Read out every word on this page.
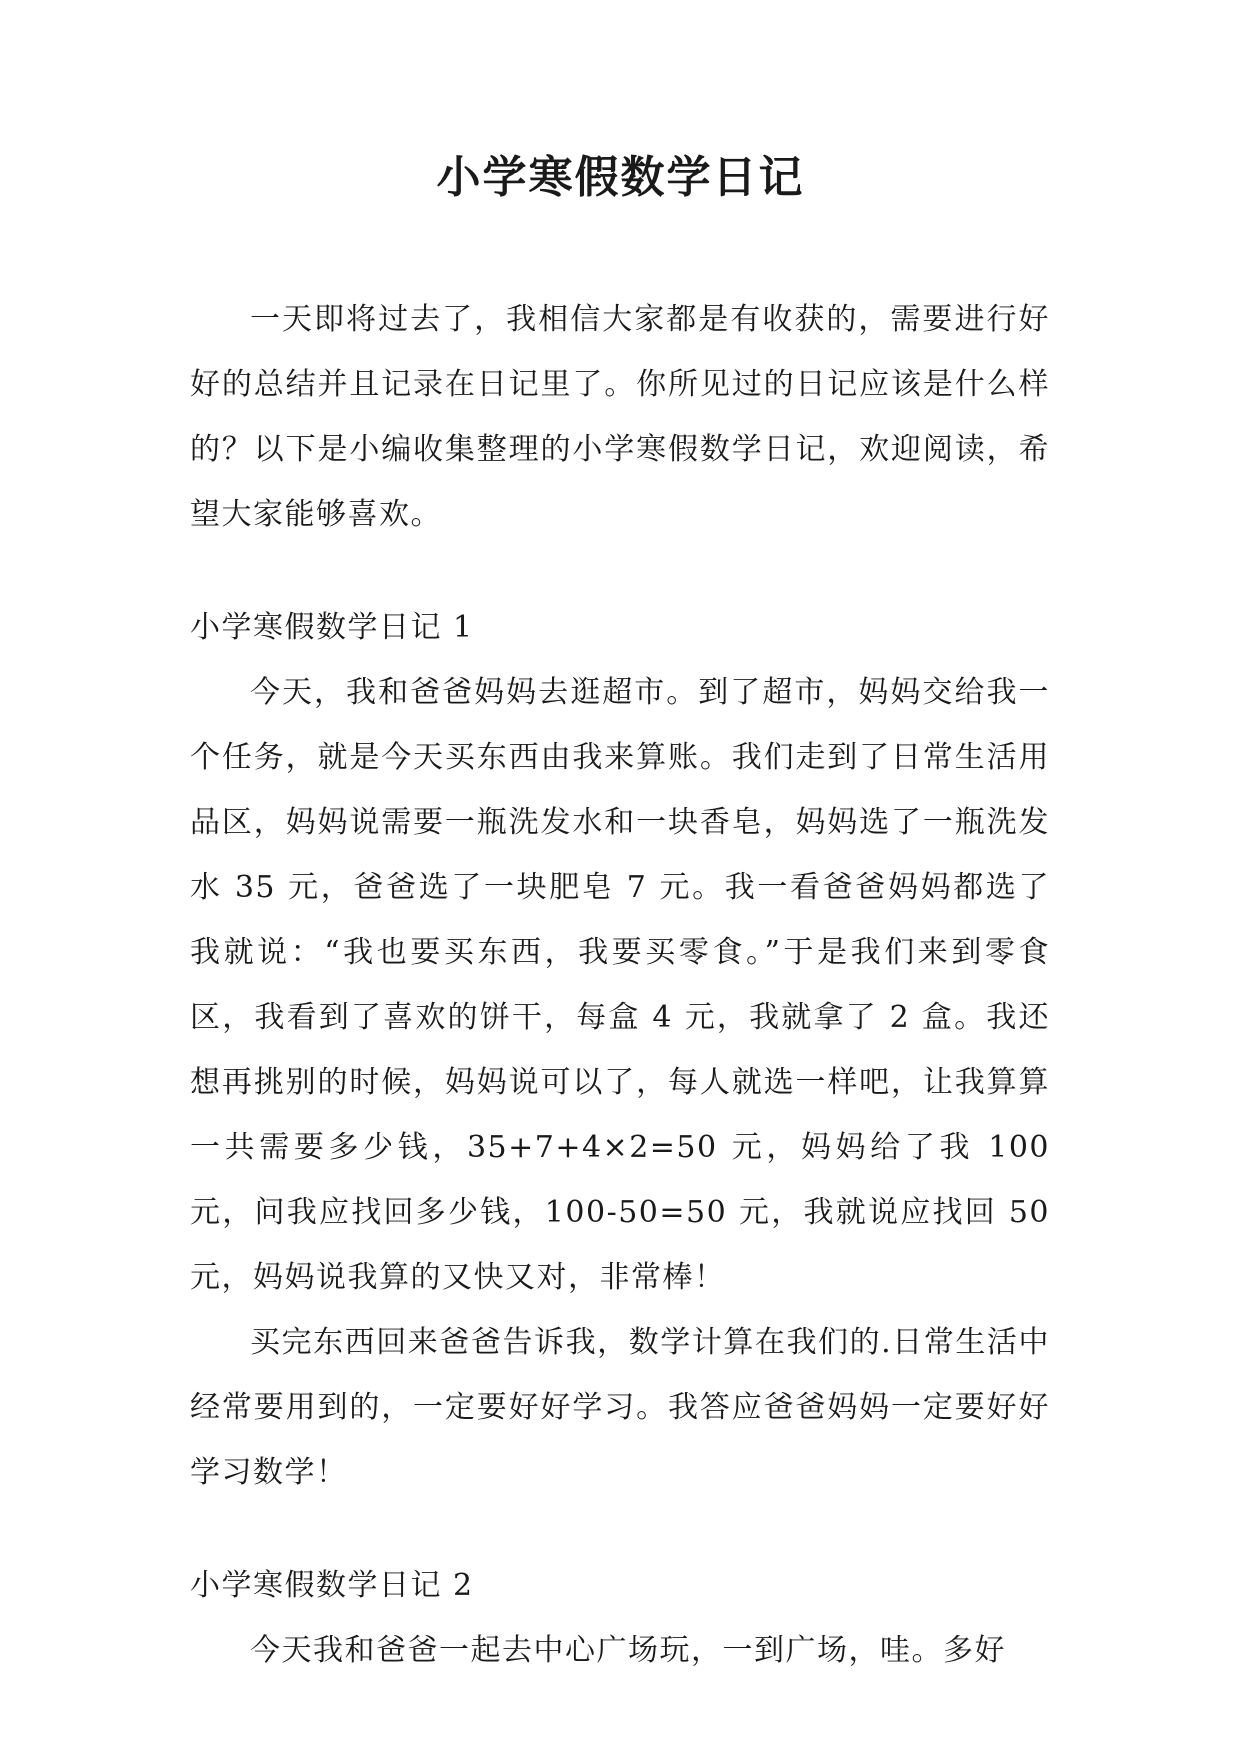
小学寒假数学日记

一天即将过去了，我相信大家都是有收获的，需要进行好好的总结并且记录在日记里了。你所见过的日记应该是什么样的？以下是小编收集整理的小学寒假数学日记，欢迎阅读，希望大家能够喜欢。

小学寒假数学日记 1

今天，我和爸爸妈妈去逛超市。到了超市，妈妈交给我一个任务，就是今天买东西由我来算账。我们走到了日常生活用品区，妈妈说需要一瓶洗发水和一块香皂，妈妈选了一瓶洗发水 35 元，爸爸选了一块肥皂 7 元。我一看爸爸妈妈都选了我就说：“我也要买东西，我要买零食。”于是我们来到零食区，我看到了喜欢的饼干，每盒 4 元，我就拿了 2 盒。我还想再挑别的时候，妈妈说可以了，每人就选一样吧，让我算算一共需要多少钱，35+7+4×2=50 元，妈妈给了我 100 元，问我应找回多少钱，100-50=50 元，我就说应找回 50 元，妈妈说我算的又快又对，非常棒！

买完东西回来爸爸告诉我，数学计算在我们的.日常生活中经常要用到的，一定要好好学习。我答应爸爸妈妈一定要好好学习数学！

小学寒假数学日记 2

今天我和爸爸一起去中心广场玩，一到广场，哇。多好
